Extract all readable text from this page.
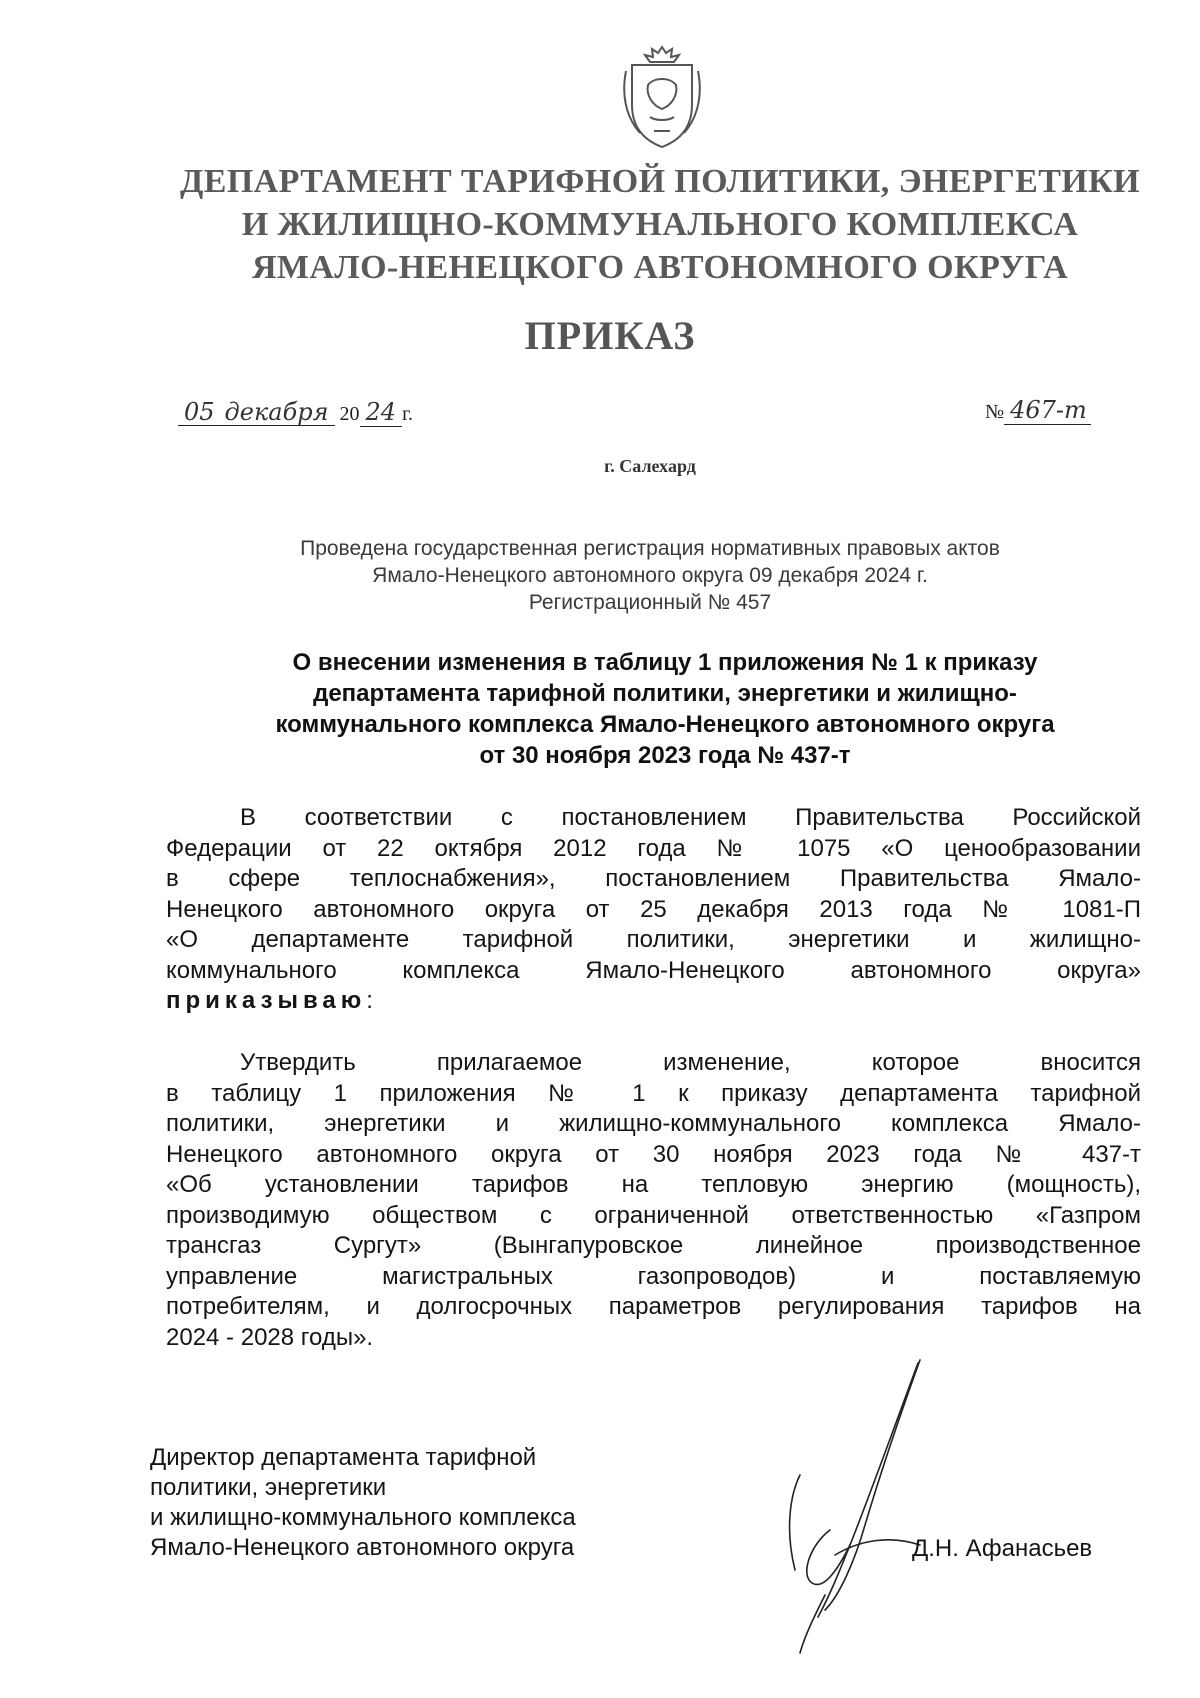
ДЕПАРТАМЕНТ ТАРИФНОЙ ПОЛИТИКИ, ЭНЕРГЕТИКИ
И ЖИЛИЩНО-КОММУНАЛЬНОГО КОМПЛЕКСА
ЯМАЛО-НЕНЕЦКОГО АВТОНОМНОГО ОКРУГА
ПРИКАЗ
05 декабря 20 24 г.	№ 467-т
г. Салехард
Проведена государственная регистрация нормативных правовых актов
Ямало-Ненецкого автономного округа 09 декабря 2024 г.
Регистрационный № 457
О внесении изменения в таблицу 1 приложения № 1 к приказу
департамента тарифной политики, энергетики и жилищно-
коммунального комплекса Ямало-Ненецкого автономного округа
от 30 ноября 2023 года № 437-т
В соответствии с постановлением Правительства Российской
Федерации от 22 октября 2012 года № 1075 «О ценообразовании
в сфере теплоснабжения», постановлением Правительства Ямало-
Ненецкого автономного округа от 25 декабря 2013 года № 1081-П
«О департаменте тарифной политики, энергетики и жилищно-
коммунального комплекса Ямало-Ненецкого автономного округа»
приказываю:
Утвердить прилагаемое изменение, которое вносится
в таблицу 1 приложения № 1 к приказу департамента тарифной
политики, энергетики и жилищно-коммунального комплекса Ямало-
Ненецкого автономного округа от 30 ноября 2023 года № 437-т
«Об установлении тарифов на тепловую энергию (мощность),
производимую обществом с ограниченной ответственностью «Газпром
трансгаз Сургут» (Вынгапуровское линейное производственное
управление магистральных газопроводов) и поставляемую
потребителям, и долгосрочных параметров регулирования тарифов на
2024 - 2028 годы».
Директор департамента тарифной
политики, энергетики
и жилищно-коммунального комплекса
Ямало-Ненецкого автономного округа	Д.Н. Афанасьев
